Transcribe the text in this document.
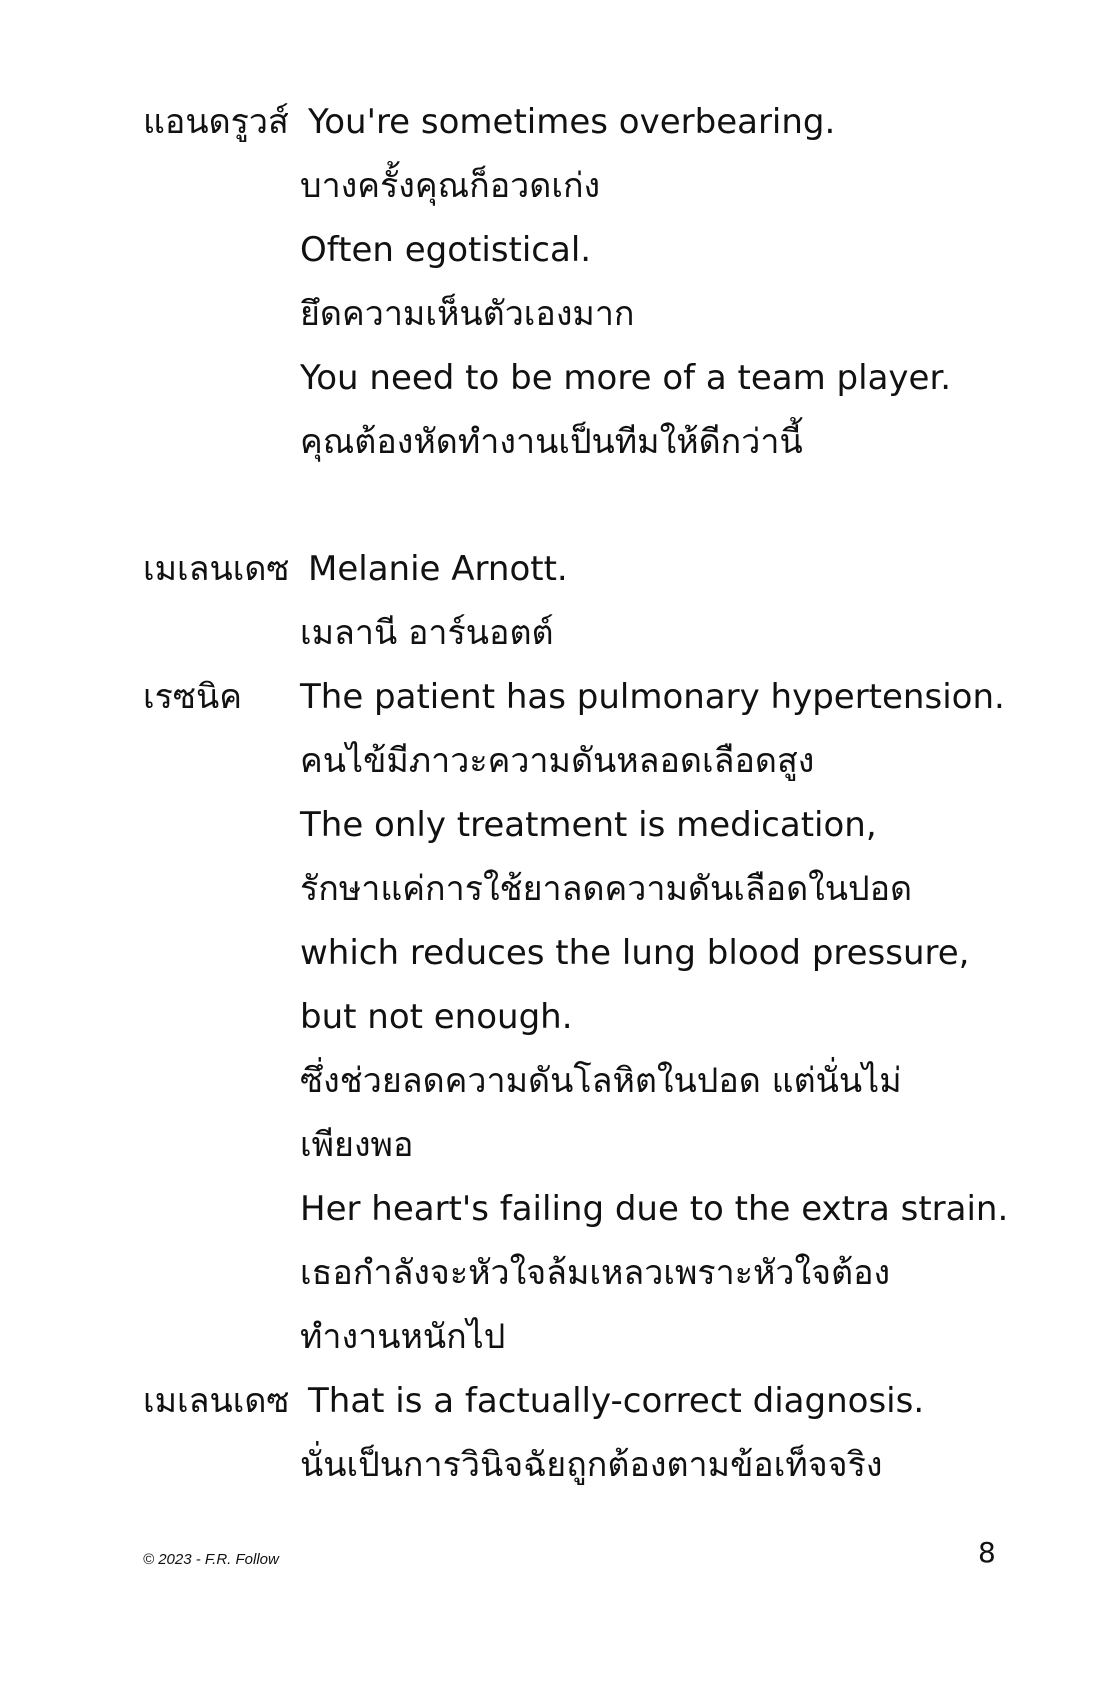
แอนดรูวส์ You're sometimes overbearing.
บางครั้งคุณก็อวดเก่ง
Often egotistical.
ยึดความเห็นตัวเองมาก
You need to be more of a team player.
คุณต้องหัดทำงานเป็นทีมให้ดีกว่านี้
เมเลนเดซ Melanie Arnott.
เมลานี อาร์นอตต์
เรซนิค The patient has pulmonary hypertension.
คนไข้มีภาวะความดันหลอดเลือดสูง
The only treatment is medication,
รักษาแค่การใช้ยาลดความดันเลือดในปอด
which reduces the lung blood pressure,
but not enough.
ซึ่งช่วยลดความดันโลหิตในปอด แต่นั่นไม่
เพียงพอ
Her heart's failing due to the extra strain.
เธอกำลังจะหัวใจล้มเหลวเพราะหัวใจต้อง
ทำงานหนักไป
เมเลนเดซ That is a factually-correct diagnosis.
นั่นเป็นการวินิจฉัยถูกต้องตามข้อเท็จจริง
© 2023 - F.R. Follow	8
